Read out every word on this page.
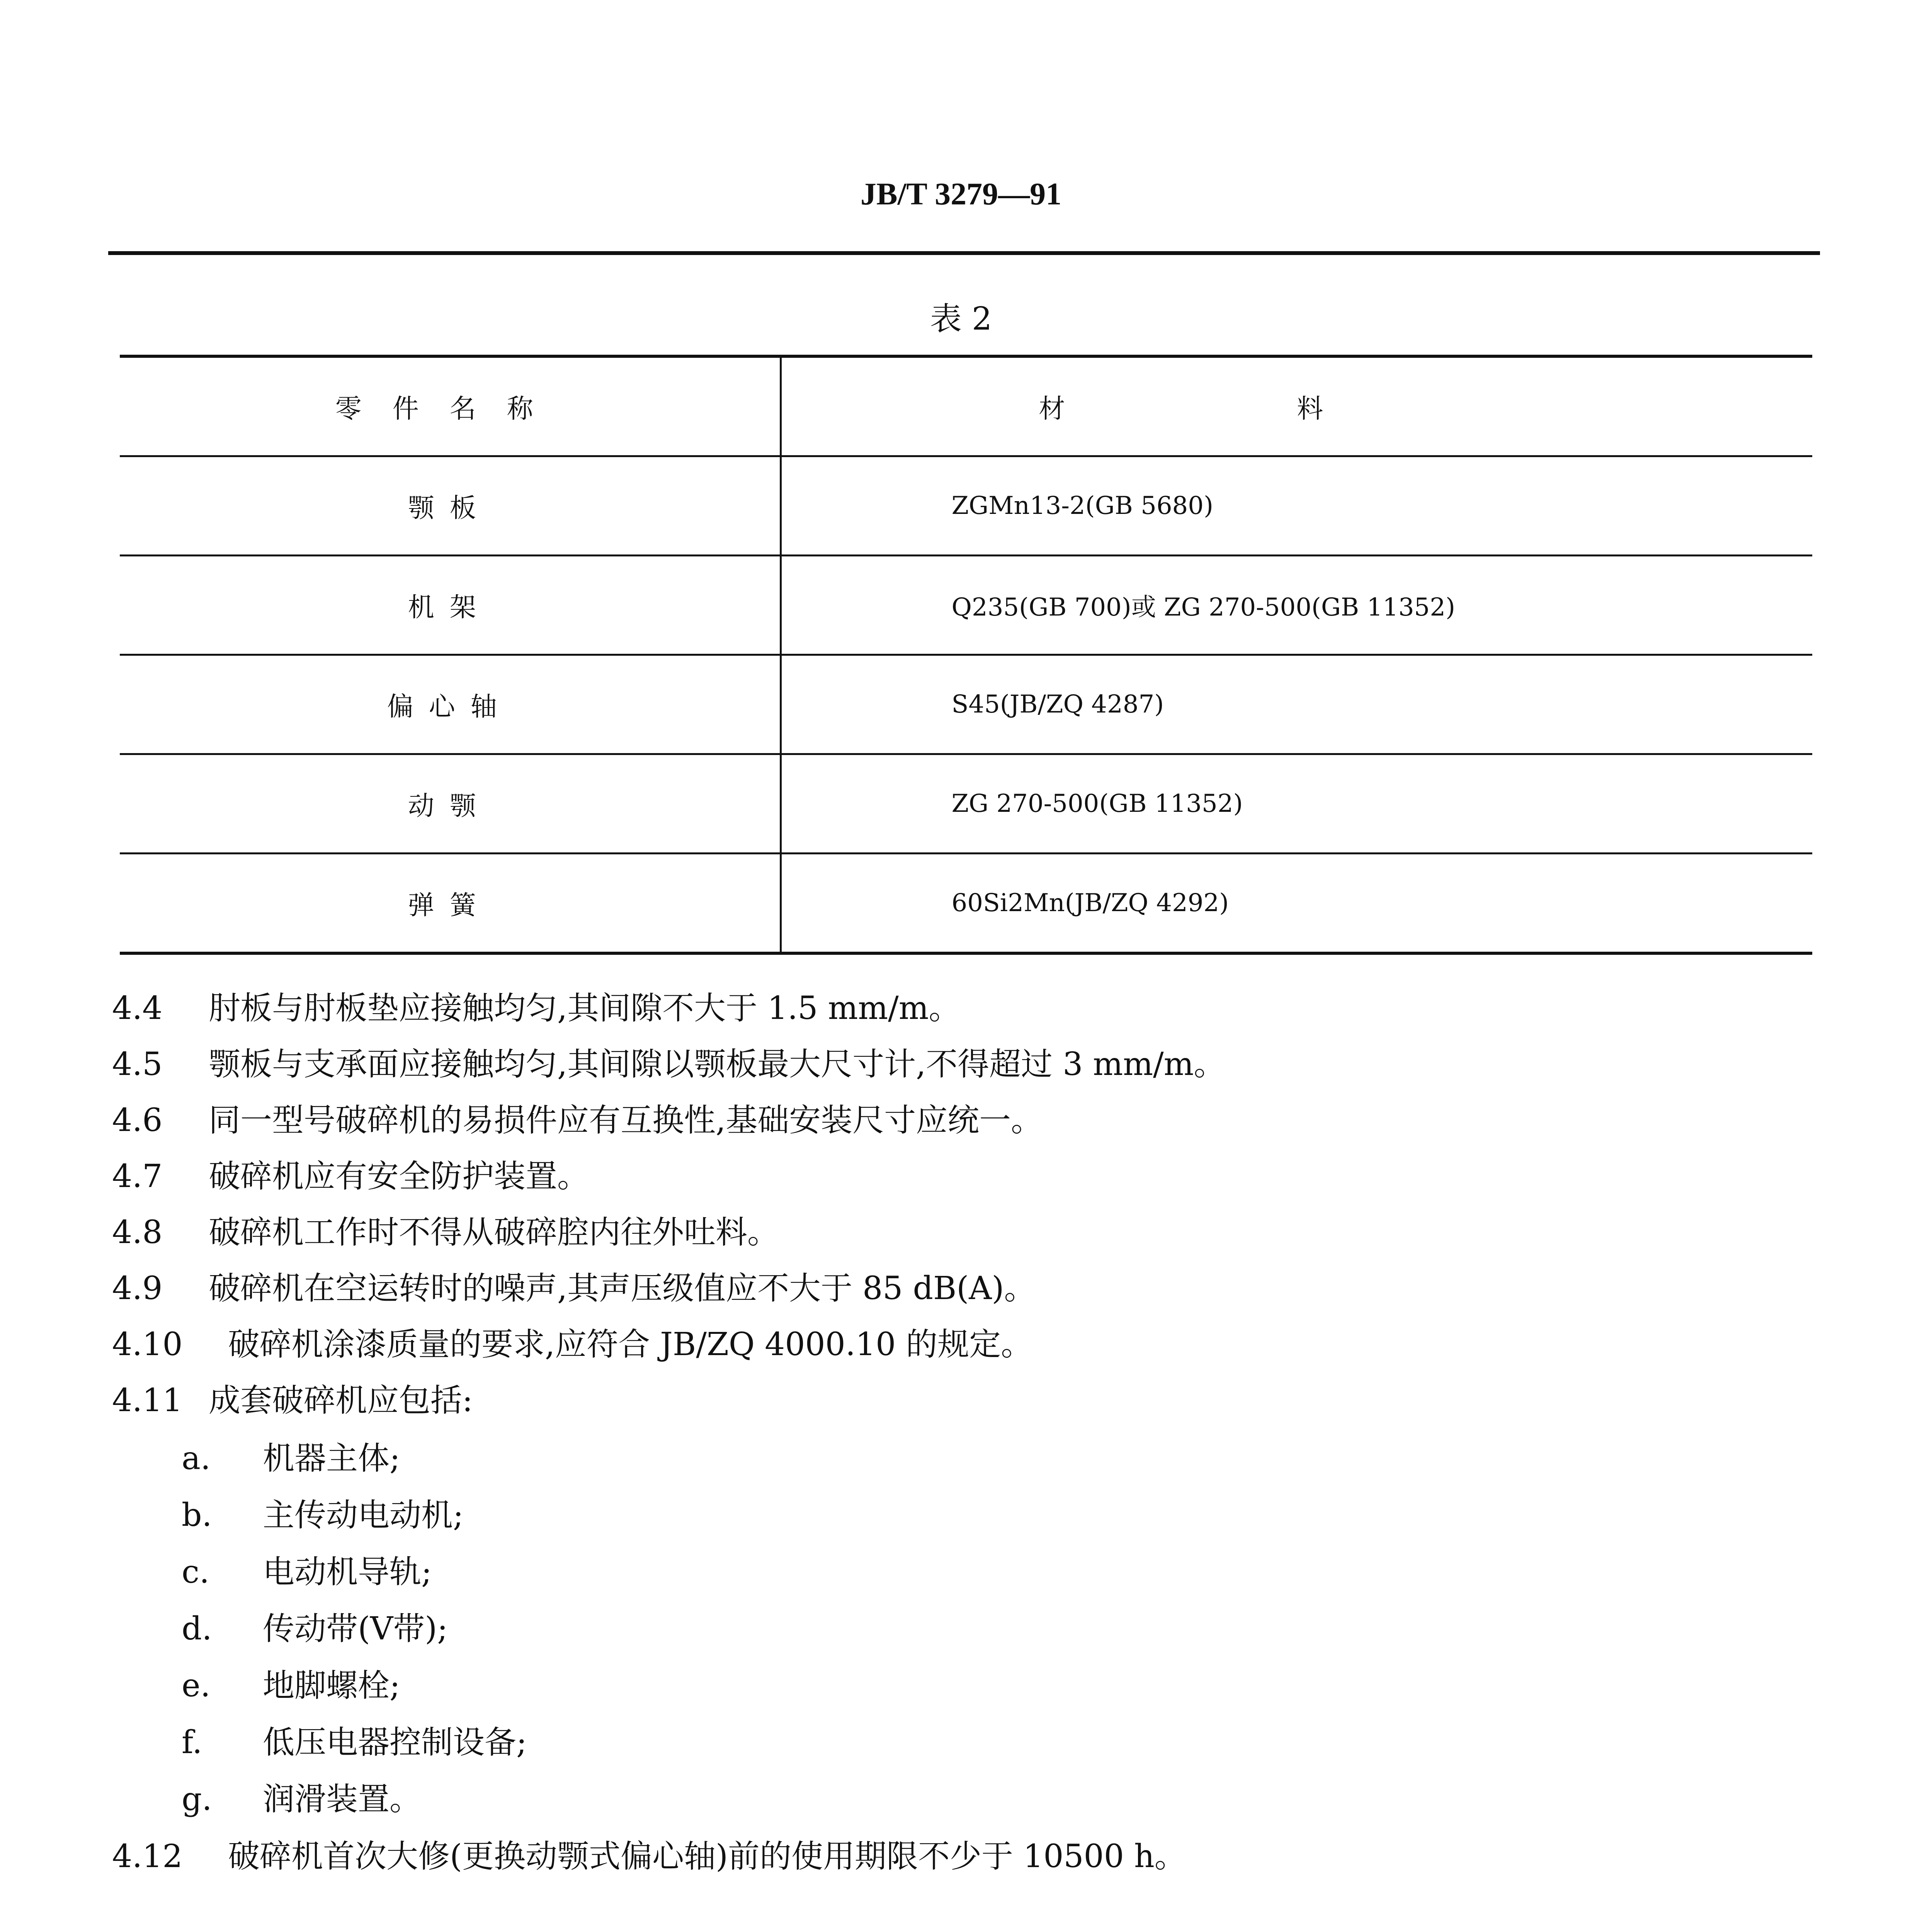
JB/T 3279—91
表 2
零件名称	材料
颚板	ZGMn13-2(GB 5680)
机架	Q235(GB 700)或 ZG 270-500(GB 11352)
偏心轴	S45(JB/ZQ 4287)
动颚	ZG 270-500(GB 11352)
弹簧	60Si2Mn(JB/ZQ 4292)
4.4 肘板与肘板垫应接触均匀,其间隙不大于 1.5 mm/m。
4.5 颚板与支承面应接触均匀,其间隙以颚板最大尺寸计,不得超过 3 mm/m。
4.6 同一型号破碎机的易损件应有互换性,基础安装尺寸应统一。
4.7 破碎机应有安全防护装置。
4.8 破碎机工作时不得从破碎腔内往外吐料。
4.9 破碎机在空运转时的噪声,其声压级值应不大于 85 dB(A)。
4.10 破碎机涂漆质量的要求,应符合 JB/ZQ 4000.10 的规定。
4.11 成套破碎机应包括:
a. 机器主体;
b. 主传动电动机;
c. 电动机导轨;
d. 传动带(V带);
e. 地脚螺栓;
f. 低压电器控制设备;
g. 润滑装置。
4.12 破碎机首次大修(更换动颚式偏心轴)前的使用期限不少于 10500 h。
